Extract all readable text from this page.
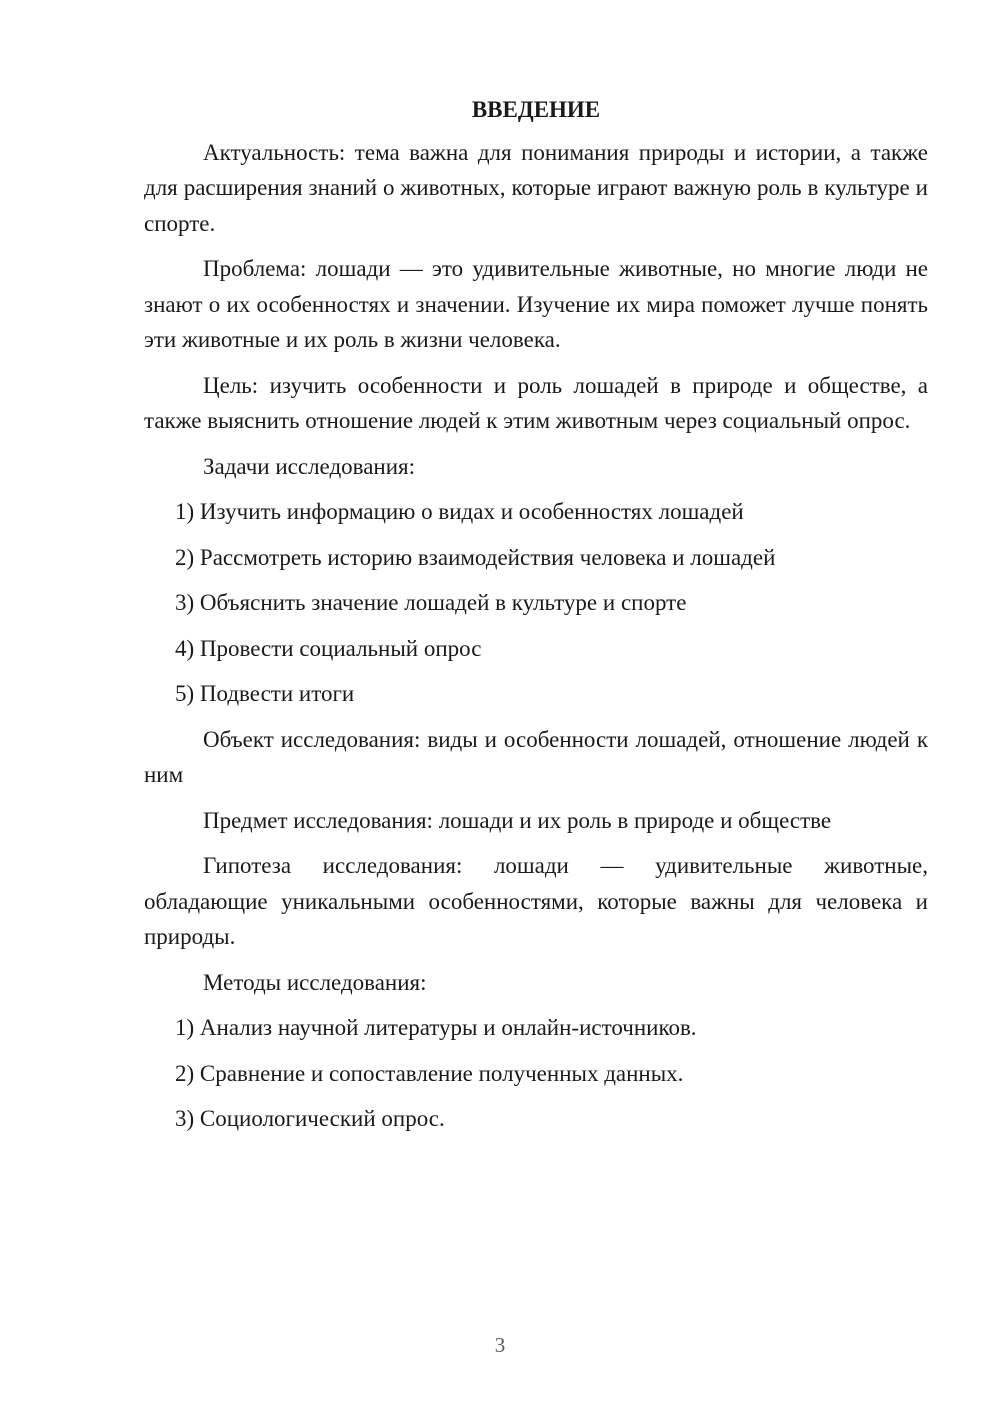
ВВЕДЕНИЕ

Актуальность: тема важна для понимания природы и истории, а также для расширения знаний о животных, которые играют важную роль в культуре и спорте.

Проблема: лошади — это удивительные животные, но многие люди не знают о их особенностях и значении. Изучение их мира поможет лучше понять эти животные и их роль в жизни человека.

Цель: изучить особенности и роль лошадей в природе и обществе, а также выяснить отношение людей к этим животным через социальный опрос.

Задачи исследования:

1) Изучить информацию о видах и особенностях лошадей
2) Рассмотреть историю взаимодействия человека и лошадей
3) Объяснить значение лошадей в культуре и спорте
4) Провести социальный опрос
5) Подвести итоги

Объект исследования: виды и особенности лошадей, отношение людей к ним

Предмет исследования: лошади и их роль в природе и обществе

Гипотеза исследования: лошади — удивительные животные, обладающие уникальными особенностями, которые важны для человека и природы.

Методы исследования:

1) Анализ научной литературы и онлайн-источников.
2) Сравнение и сопоставление полученных данных.
3) Социологический опрос.
3
